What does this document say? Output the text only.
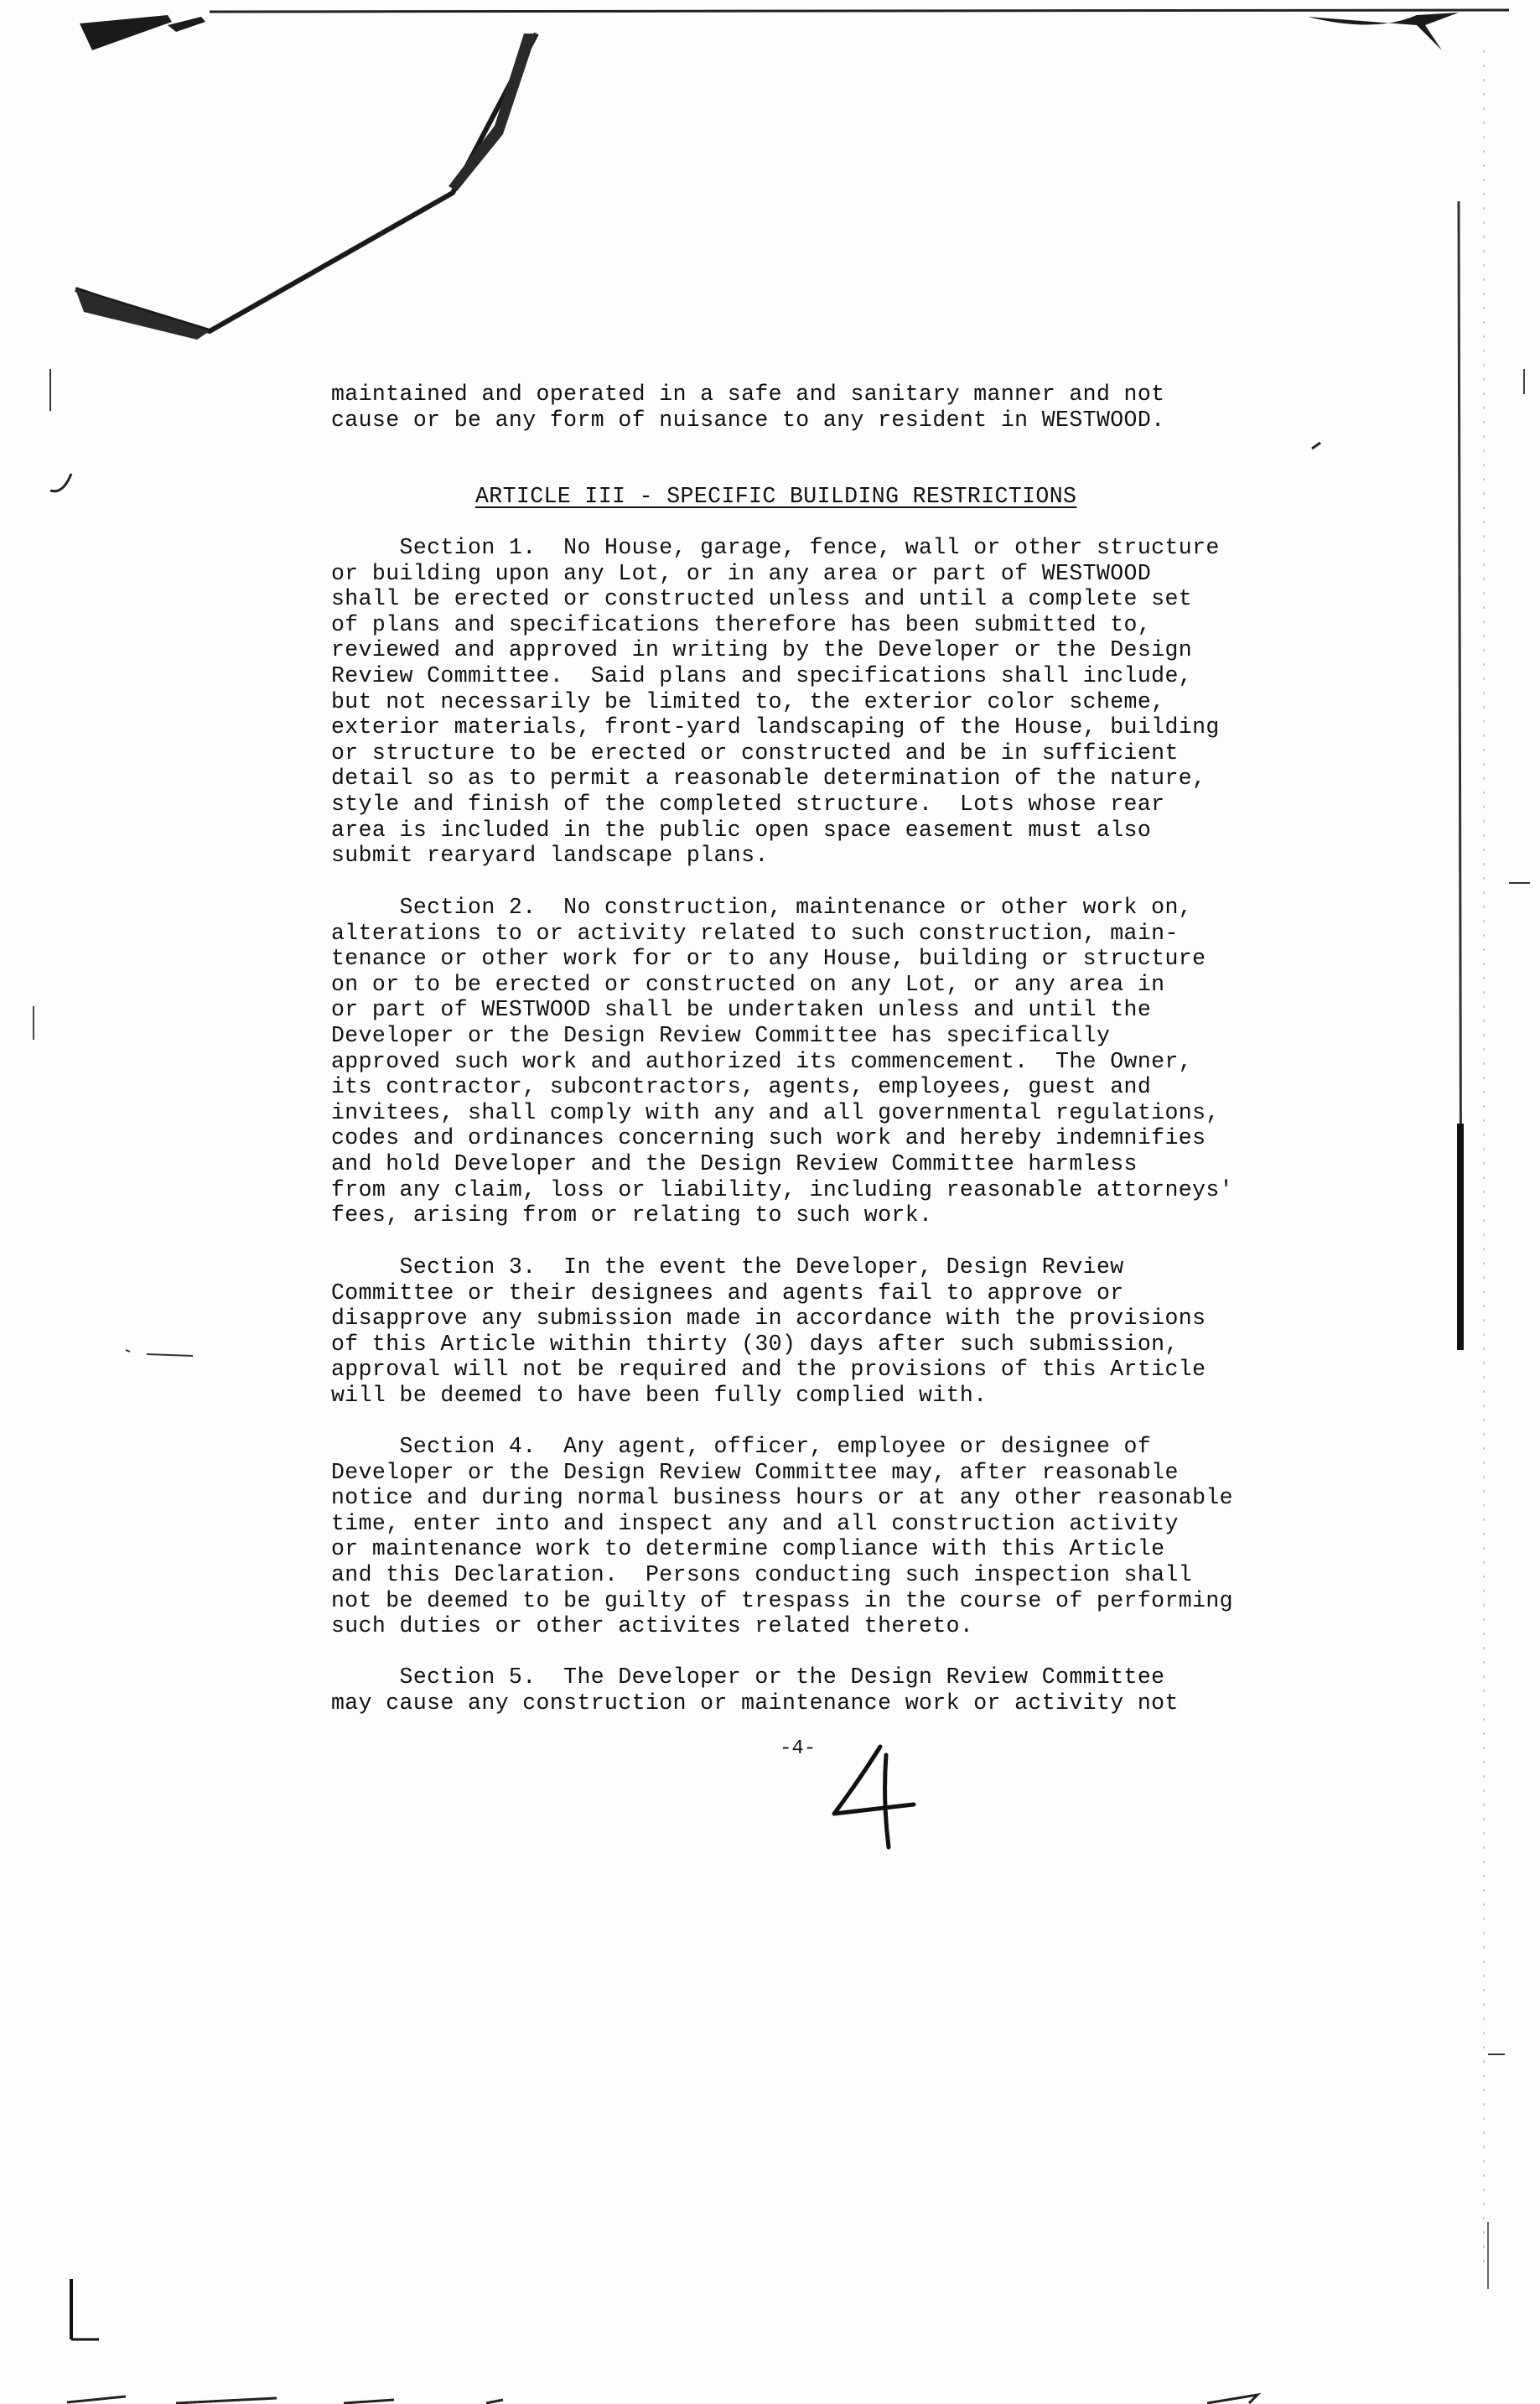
maintained and operated in a safe and sanitary manner and not
cause or be any form of nuisance to any resident in WESTWOOD.
ARTICLE III - SPECIFIC BUILDING RESTRICTIONS
Section 1.  No House, garage, fence, wall or other structure
or building upon any Lot, or in any area or part of WESTWOOD
shall be erected or constructed unless and until a complete set
of plans and specifications therefore has been submitted to,
reviewed and approved in writing by the Developer or the Design
Review Committee.  Said plans and specifications shall include,
but not necessarily be limited to, the exterior color scheme,
exterior materials, front-yard landscaping of the House, building
or structure to be erected or constructed and be in sufficient
detail so as to permit a reasonable determination of the nature,
style and finish of the completed structure.  Lots whose rear
area is included in the public open space easement must also
submit rearyard landscape plans.
Section 2.  No construction, maintenance or other work on,
alterations to or activity related to such construction, main-
tenance or other work for or to any House, building or structure
on or to be erected or constructed on any Lot, or any area in
or part of WESTWOOD shall be undertaken unless and until the
Developer or the Design Review Committee has specifically
approved such work and authorized its commencement.  The Owner,
its contractor, subcontractors, agents, employees, guest and
invitees, shall comply with any and all governmental regulations,
codes and ordinances concerning such work and hereby indemnifies
and hold Developer and the Design Review Committee harmless
from any claim, loss or liability, including reasonable attorneys'
fees, arising from or relating to such work.
Section 3.  In the event the Developer, Design Review
Committee or their designees and agents fail to approve or
disapprove any submission made in accordance with the provisions
of this Article within thirty (30) days after such submission,
approval will not be required and the provisions of this Article
will be deemed to have been fully complied with.
Section 4.  Any agent, officer, employee or designee of
Developer or the Design Review Committee may, after reasonable
notice and during normal business hours or at any other reasonable
time, enter into and inspect any and all construction activity
or maintenance work to determine compliance with this Article
and this Declaration.  Persons conducting such inspection shall
not be deemed to be guilty of trespass in the course of performing
such duties or other activites related thereto.
Section 5.  The Developer or the Design Review Committee
may cause any construction or maintenance work or activity not
-4-
